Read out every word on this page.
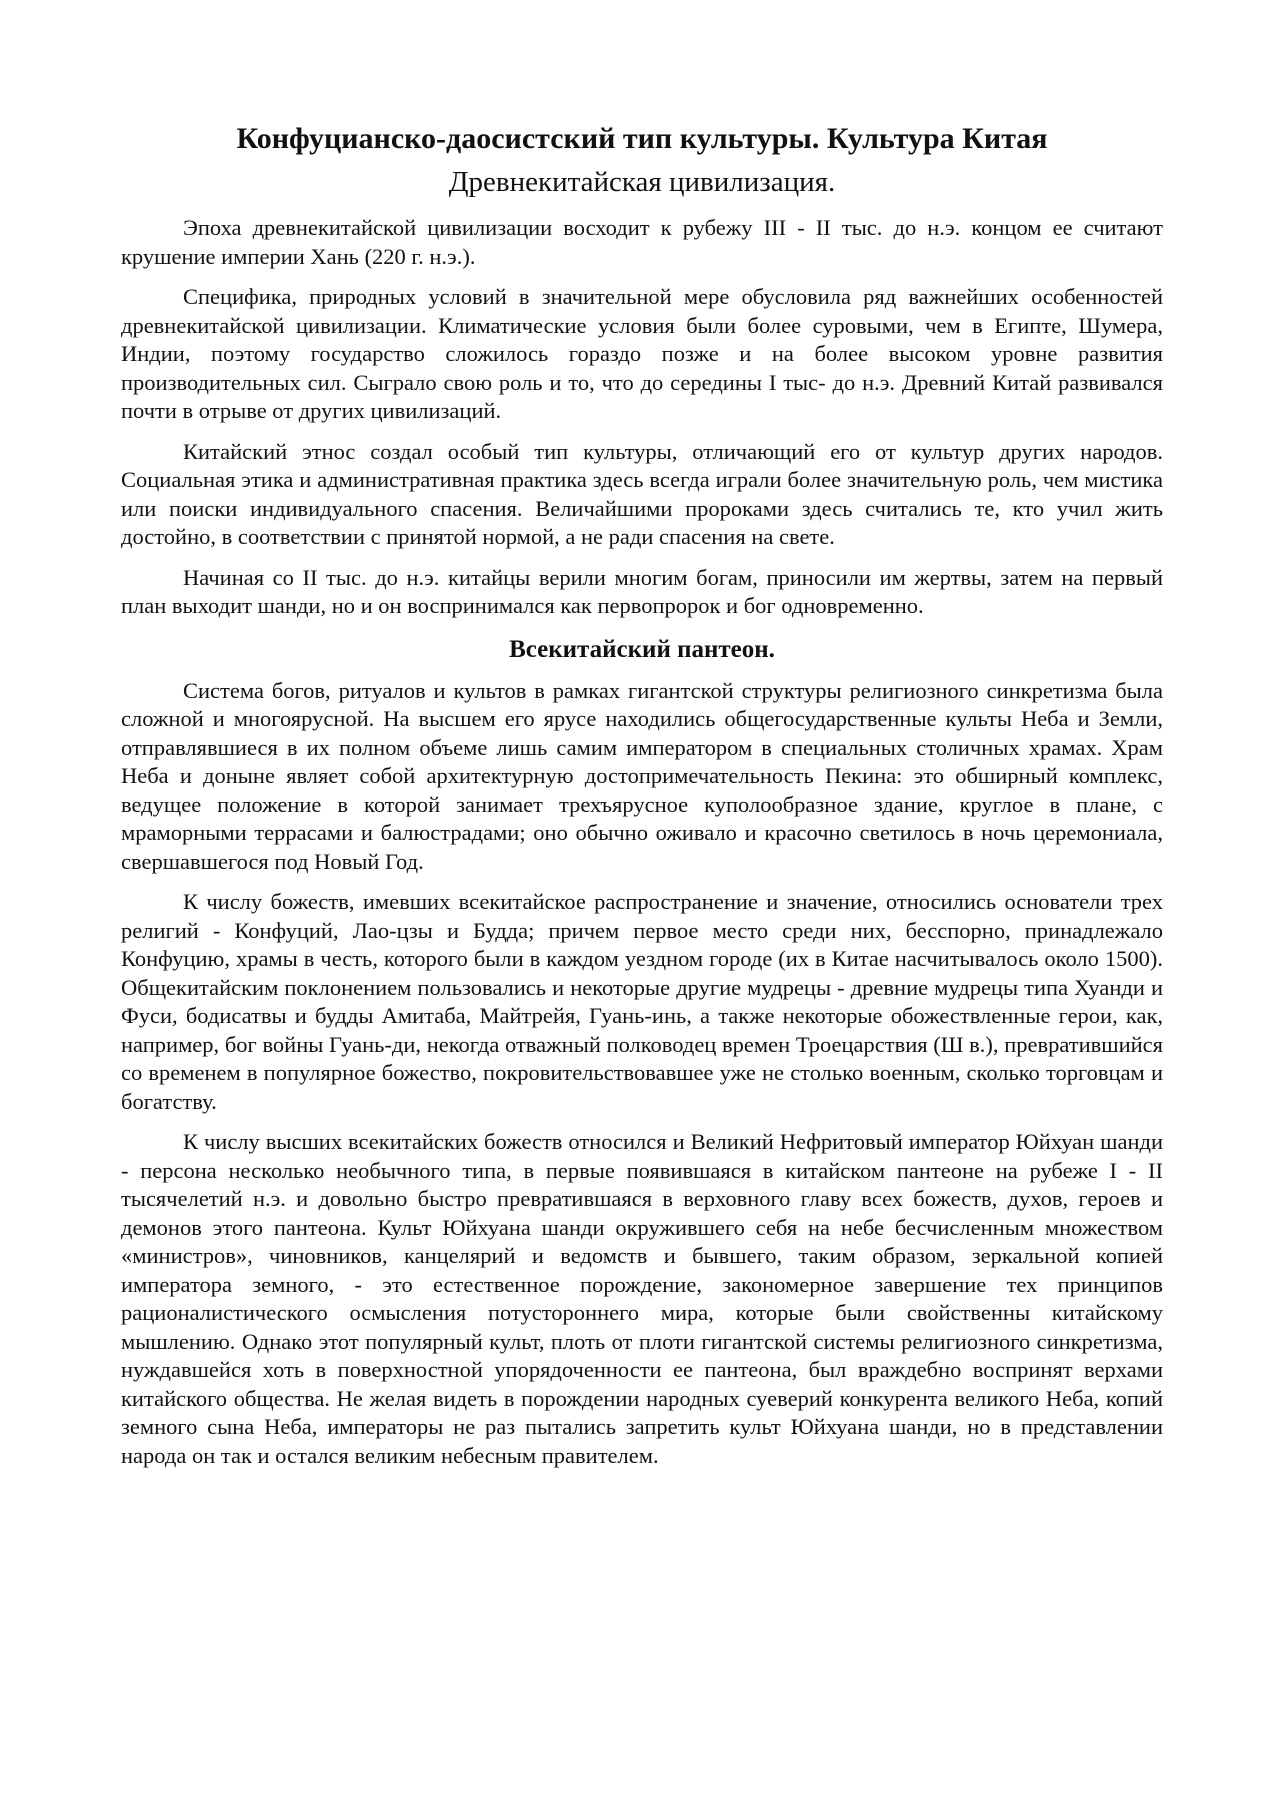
Конфуцианско-даосистский тип культуры. Культура Китая
Древнекитайская цивилизация.

Эпоха древнекитайской цивилизации восходит к рубежу III - II тыс. до н.э. концом ее считают крушение империи Хань (220 г. н.э.).

Специфика, природных условий в значительной мере обусловила ряд важнейших особенностей древнекитайской цивилизации. Климатические условия были более суровыми, чем в Египте, Шумера, Индии, поэтому государство сложилось гораздо позже и на более высоком уровне развития производительных сил. Сыграло свою роль и то, что до середины I тыс- до н.э. Древний Китай развивался почти в отрыве от других цивилизаций.

Китайский этнос создал особый тип культуры, отличающий его от культур других народов. Социальная этика и административная практика здесь всегда играли более значительную роль, чем мистика или поиски индивидуального спасения. Величайшими пророками здесь считались те, кто учил жить достойно, в соответствии с принятой нормой, а не ради спасения на свете.

Начиная со II тыс. до н.э. китайцы верили многим богам, приносили им жертвы, затем на первый план выходит шанди, но и он воспринимался как первопророк и бог одновременно.

Всекитайский пантеон.

Система богов, ритуалов и культов в рамках гигантской структуры религиозного синкретизма была сложной и многоярусной. На высшем его ярусе находились общегосударственные культы Неба и Земли, отправлявшиеся в их полном объеме лишь самим императором в специальных столичных храмах. Храм Неба и доныне являет собой архитектурную достопримечательность Пекина: это обширный комплекс, ведущее положение в которой занимает трехъярусное куполообразное здание, круглое в плане, с мраморными террасами и балюстрадами; оно обычно оживало и красочно светилось в ночь церемониала, свершавшегося под Новый Год.

К числу божеств, имевших всекитайское распространение и значение, относились основатели трех религий - Конфуций, Лао-цзы и Будда; причем первое место среди них, бесспорно, принадлежало Конфуцию, храмы в честь, которого были в каждом уездном городе (их в Китае насчитывалось около 1500). Общекитайским поклонением пользовались и некоторые другие мудрецы - древние мудрецы типа Хуанди и Фуси, бодисатвы и будды Амитаба, Майтрейя, Гуань-инь, а также некоторые обожествленные герои, как, например, бог войны Гуань-ди, некогда отважный полководец времен Троецарствия (Ш в.), превратившийся со временем в популярное божество, покровительствовавшее уже не столько военным, сколько торговцам и богатству.

К числу высших всекитайских божеств относился и Великий Нефритовый император Юйхуан шанди - персона несколько необычного типа, в первые появившаяся в китайском пантеоне на рубеже I - II тысячелетий н.э. и довольно быстро превратившаяся в верховного главу всех божеств, духов, героев и демонов этого пантеона. Культ Юйхуана шанди окружившего себя на небе бесчисленным множеством «министров», чиновников, канцелярий и ведомств и бывшего, таким образом, зеркальной копией императора земного, - это естественное порождение, закономерное завершение тех принципов рационалистического осмысления потустороннего мира, которые были свойственны китайскому мышлению. Однако этот популярный культ, плоть от плоти гигантской системы религиозного синкретизма, нуждавшейся хоть в поверхностной упорядоченности ее пантеона, был враждебно воспринят верхами китайского общества. Не желая видеть в порождении народных суеверий конкурента великого Неба, копий земного сына Неба, императоры не раз пытались запретить культ Юйхуана шанди, но в представлении народа он так и остался великим небесным правителем.
